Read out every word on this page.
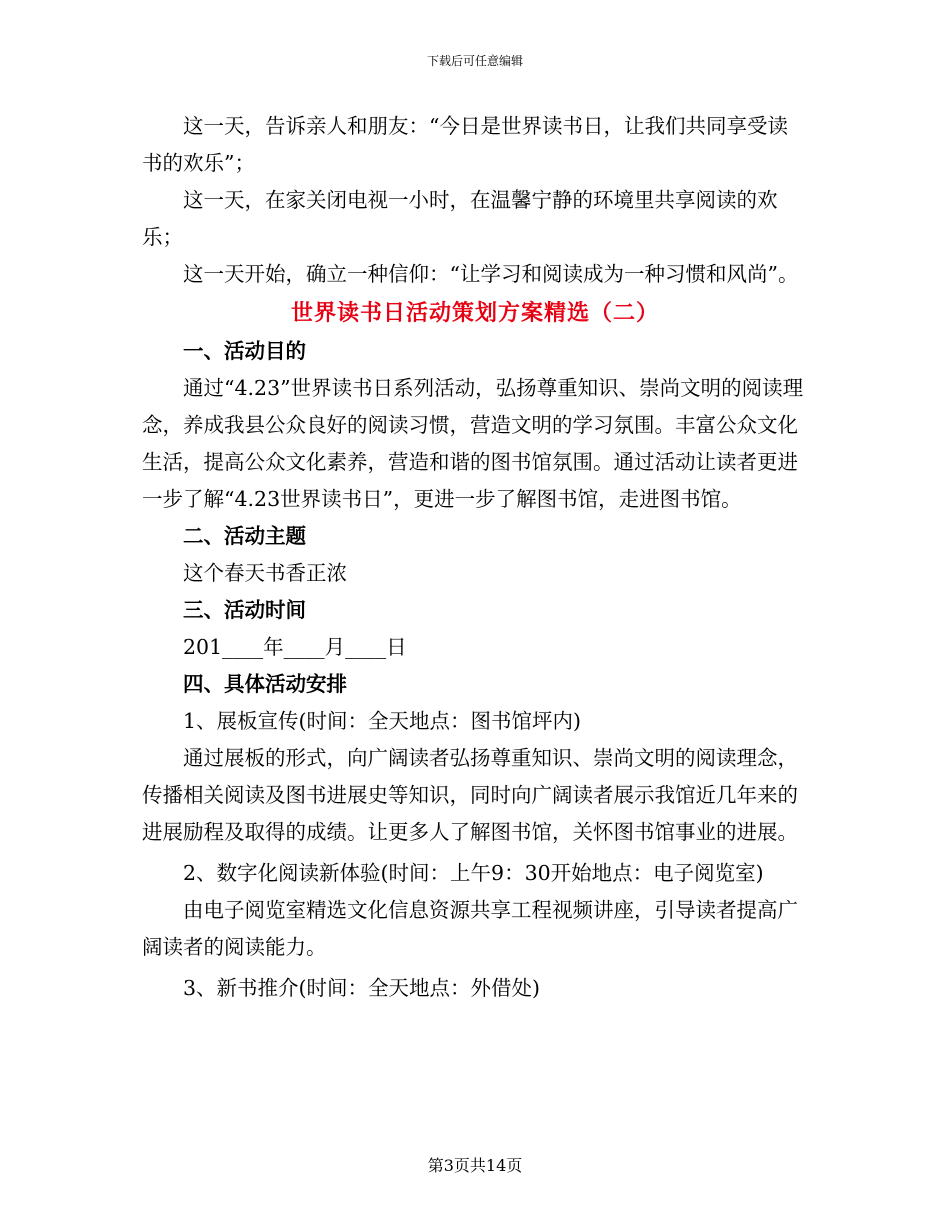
下载后可任意编辑

这一天，告诉亲人和朋友：“今日是世界读书日，让我们共同享受读书的欢乐”；

这一天，在家关闭电视一小时，在温馨宁静的环境里共享阅读的欢乐；

这一天开始，确立一种信仰：“让学习和阅读成为一种习惯和风尚”。

世界读书日活动策划方案精选（二）

一、活动目的

通过“4.23”世界读书日系列活动，弘扬尊重知识、崇尚文明的阅读理念，养成我县公众良好的阅读习惯，营造文明的学习氛围。丰富公众文化生活，提高公众文化素养，营造和谐的图书馆氛围。通过活动让读者更进一步了解“4.23世界读书日”，更进一步了解图书馆，走进图书馆。

二、活动主题

这个春天书香正浓

三、活动时间

201____年____月____日

四、具体活动安排

1、展板宣传(时间：全天地点：图书馆坪内)

通过展板的形式，向广阔读者弘扬尊重知识、崇尚文明的阅读理念，传播相关阅读及图书进展史等知识，同时向广阔读者展示我馆近几年来的进展励程及取得的成绩。让更多人了解图书馆，关怀图书馆事业的进展。

2、数字化阅读新体验(时间：上午9：30开始地点：电子阅览室)

由电子阅览室精选文化信息资源共享工程视频讲座，引导读者提高广阔读者的阅读能力。

3、新书推介(时间：全天地点：外借处)

第3页共14页
